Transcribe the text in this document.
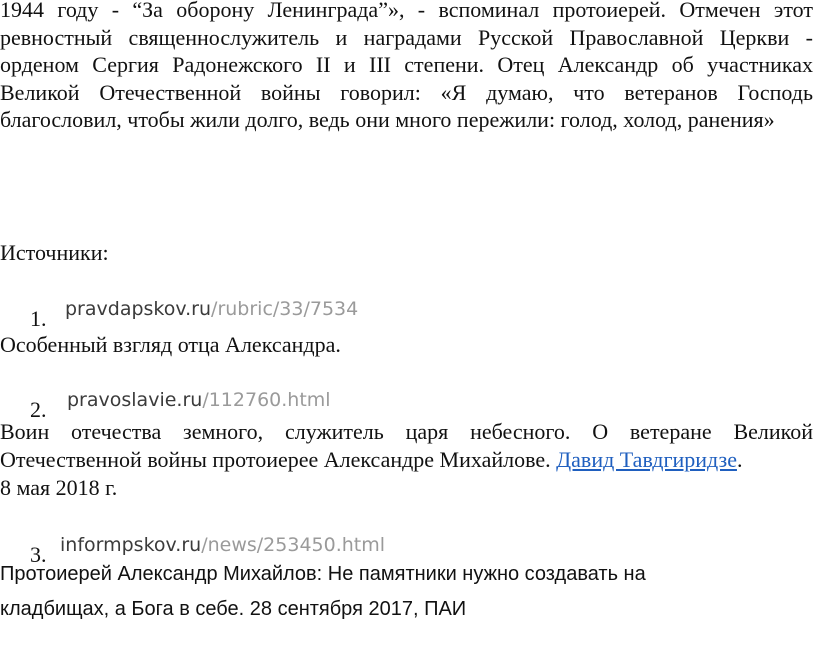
1944 году - “За оборону Ленинграда”», - вспоминал протоиерей. Отмечен этот ревностный священнослужитель и наградами Русской Православной Церкви - орденом Сергия Радонежского II и III степени. Отец Александр об участниках Великой Отечественной войны говорил: «Я думаю, что ветеранов Господь благословил, чтобы жили долго, ведь они много пережили: голод, холод, ранения»
Источники:
pravdapskov.ru/rubric/33/7534
1.
Особенный взгляд отца Александра.
pravoslavie.ru/112760.html
2.
Воин отечества земного, служитель царя небесного. О ветеране Великой Отечественной войны протоиерее Александре Михайлове. Давид Тавдгиридзе.
8 мая 2018 г.
informpskov.ru/news/253450.html
3.
Протоиерей Александр Михайлов: Не памятники нужно создавать на
кладбищах, а Бога в себе. 28 сентября 2017, ПАИ
